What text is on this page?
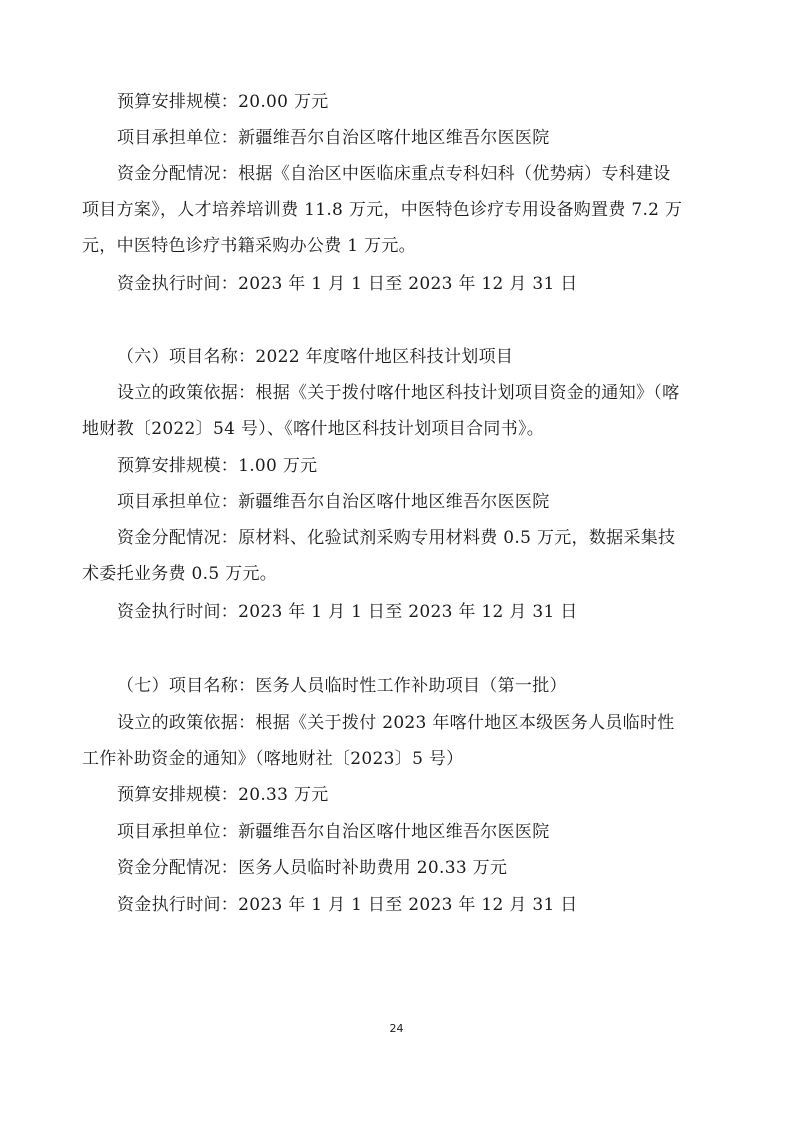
预算安排规模：20.00 万元
项目承担单位：新疆维吾尔自治区喀什地区维吾尔医医院
资金分配情况：根据《自治区中医临床重点专科妇科（优势病）专科建设
项目方案》，人才培养培训费 11.8 万元，中医特色诊疗专用设备购置费 7.2 万
元，中医特色诊疗书籍采购办公费 1 万元。
资金执行时间：2023 年 1 月 1 日至 2023 年 12 月 31 日
（六）项目名称：2022 年度喀什地区科技计划项目
设立的政策依据：根据《关于拨付喀什地区科技计划项目资金的通知》（喀
地财教〔2022〕54 号）、《喀什地区科技计划项目合同书》。
预算安排规模：1.00 万元
项目承担单位：新疆维吾尔自治区喀什地区维吾尔医医院
资金分配情况：原材料、化验试剂采购专用材料费 0.5 万元，数据采集技
术委托业务费 0.5 万元。
资金执行时间：2023 年 1 月 1 日至 2023 年 12 月 31 日
（七）项目名称：医务人员临时性工作补助项目（第一批）
设立的政策依据：根据《关于拨付 2023 年喀什地区本级医务人员临时性
工作补助资金的通知》（喀地财社〔2023〕5 号）
预算安排规模：20.33 万元
项目承担单位：新疆维吾尔自治区喀什地区维吾尔医医院
资金分配情况：医务人员临时补助费用 20.33 万元
资金执行时间：2023 年 1 月 1 日至 2023 年 12 月 31 日
24
